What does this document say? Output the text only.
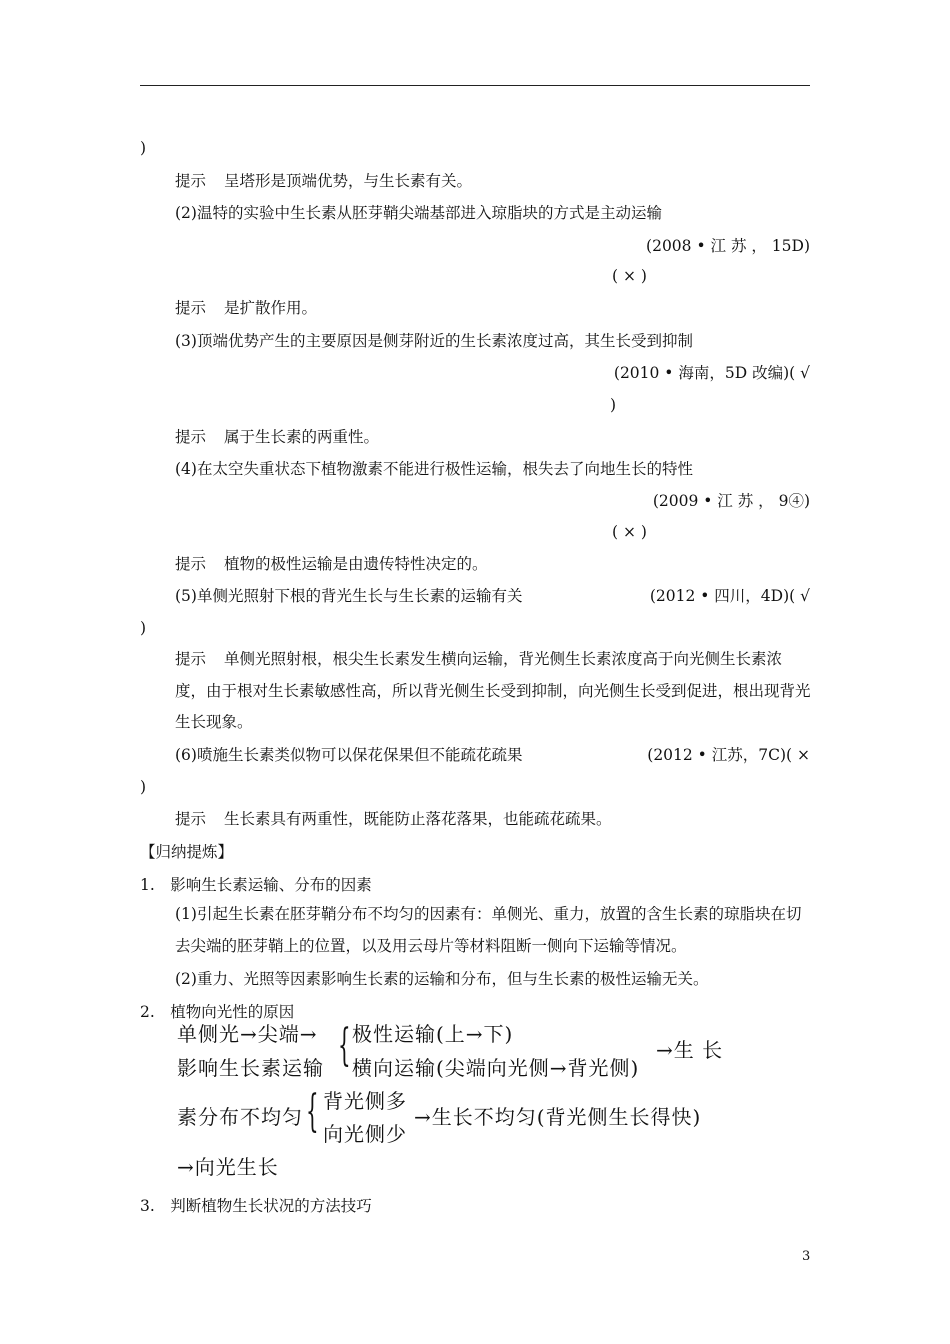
)
提示 呈塔形是顶端优势，与生长素有关。
(2)温特的实验中生长素从胚芽鞘尖端基部进入琼脂块的方式是主动运输
(2008 • 江 苏 ， 15D)
( × )
提示 是扩散作用。
(3)顶端优势产生的主要原因是侧芽附近的生长素浓度过高，其生长受到抑制
(2010 • 海南，5D 改编)( √
)
提示 属于生长素的两重性。
(4)在太空失重状态下植物激素不能进行极性运输，根失去了向地生长的特性
(2009 • 江 苏 ， 9④)
( × )
提示 植物的极性运输是由遗传特性决定的。
(5)单侧光照射下根的背光生长与生长素的运输有关	(2012 • 四川，4D)( √
)
提示 单侧光照射根，根尖生长素发生横向运输，背光侧生长素浓度高于向光侧生长素浓度，由于根对生长素敏感性高，所以背光侧生长受到抑制，向光侧生长受到促进，根出现背光生长现象。
(6)喷施生长素类似物可以保花保果但不能疏花疏果	(2012 • 江苏，7C)( ×
)
提示 生长素具有两重性，既能防止落花落果，也能疏花疏果。
【归纳提炼】
1.　影响生长素运输、分布的因素
(1)引起生长素在胚芽鞘分布不均匀的因素有：单侧光、重力，放置的含生长素的琼脂块在切去尖端的胚芽鞘上的位置，以及用云母片等材料阻断一侧向下运输等情况。
(2)重力、光照等因素影响生长素的运输和分布，但与生长素的极性运输无关。
2.　植物向光性的原因
单侧光→尖端→
影响生长素运输 { 极性运输(上→下)
横向运输(尖端向光侧→背光侧)
→生 长
素分布不均匀 { 背光侧多
向光侧少
→生长不均匀(背光侧生长得快)
→向光生长
3.　判断植物生长状况的方法技巧
3
